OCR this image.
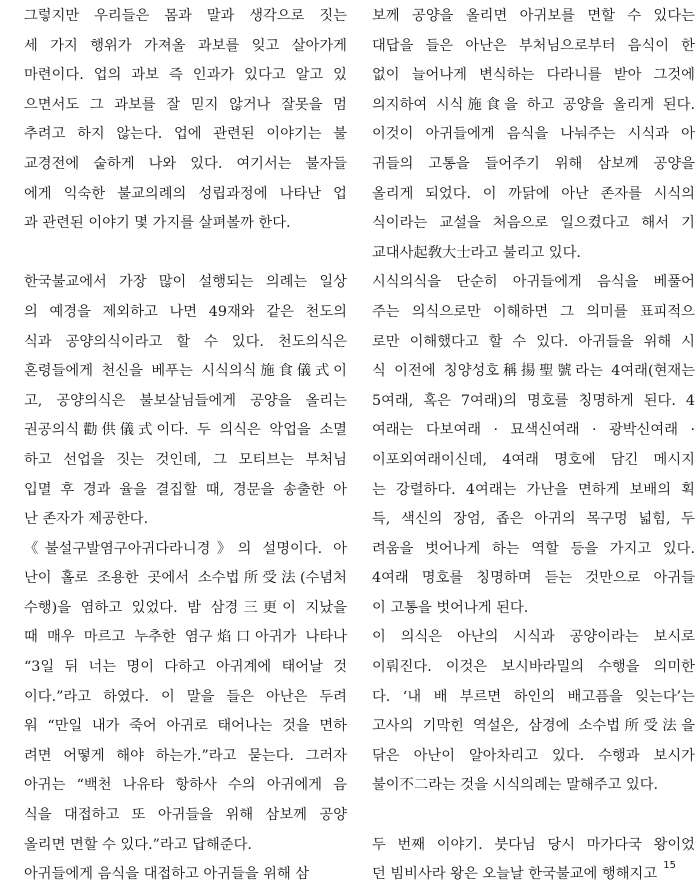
그렇지만 우리들은 몸과 말과 생각으로 짓는
세 가지 행위가 가져올 과보를 잊고 살아가게
마련이다. 업의 과보 즉 인과가 있다고 알고 있
으면서도 그 과보를 잘 믿지 않거나 잘못을 멈
추려고 하지 않는다. 업에 관련된 이야기는 불
교경전에 숱하게 나와 있다. 여기서는 불자들
에게 익숙한 불교의례의 성립과정에 나타난 업
과 관련된 이야기 몇 가지를 살펴볼까 한다.
한국불교에서 가장 많이 설행되는 의례는 일상
의 예경을 제외하고 나면 49재와 같은 천도의
식과 공양의식이라고 할 수 있다. 천도의식은
혼령들에게 천신을 베푸는 시식의식施食儀式이
고, 공양의식은 불보살님들에게 공양을 올리는
권공의식勸供儀式이다. 두 의식은 악업을 소멸
하고 선업을 짓는 것인데, 그 모티브는 부처님
입멸 후 경과 율을 결집할 때, 경문을 송출한 아
난 존자가 제공한다.
《불설구발염구아귀다라니경》의 설명이다. 아
난이 홀로 조용한 곳에서 소수법所受法(수념처
수행)을 염하고 있었다. 밤 삼경三更이 지났을
때 매우 마르고 누추한 염구焰口아귀가 나타나
“3일 뒤 너는 명이 다하고 아귀계에 태어날 것
이다.”라고 하였다. 이 말을 들은 아난은 두려
워 “만일 내가 죽어 아귀로 태어나는 것을 면하
려면 어떻게 해야 하는가.”라고 묻는다. 그러자
아귀는 “백천 나유타 항하사 수의 아귀에게 음
식을 대접하고 또 아귀들을 위해 삼보께 공양
올리면 면할 수 있다.”라고 답해준다.
아귀들에게 음식을 대접하고 아귀들을 위해 삼
보께 공양을 올리면 아귀보를 면할 수 있다는
대답을 들은 아난은 부처님으로부터 음식이 한
없이 늘어나게 변식하는 다라니를 받아 그것에
의지하여 시식施食을 하고 공양을 올리게 된다.
이것이 아귀들에게 음식을 나눠주는 시식과 아
귀들의 고통을 들어주기 위해 삼보께 공양을
올리게 되었다. 이 까닭에 아난 존자를 시식의
식이라는 교설을 처음으로 일으켰다고 해서 기
교대사起敎大士라고 불리고 있다.
시식의식을 단순히 아귀들에게 음식을 베풀어
주는 의식으로만 이해하면 그 의미를 표피적으
로만 이해했다고 할 수 있다. 아귀들을 위해 시
식 이전에 칭양성호稱揚聖號라는 4여래(현재는
5여래, 혹은 7여래)의 명호를 칭명하게 된다. 4
여래는 다보여래 · 묘색신여래 · 광박신여래 ·
이포외여래이신데, 4여래 명호에 담긴 메시지
는 강렬하다. 4여래는 가난을 면하게 보배의 획
득, 색신의 장엄, 좁은 아귀의 목구멍 넓힘, 두
려움을 벗어나게 하는 역할 등을 가지고 있다.
4여래 명호를 칭명하며 듣는 것만으로 아귀들
이 고통을 벗어나게 된다.
이 의식은 아난의 시식과 공양이라는 보시로
이뤄진다. 이것은 보시바라밀의 수행을 의미한
다. ‘내 배 부르면 하인의 배고픔을 잊는다’는
고사의 기막힌 역설은, 삼경에 소수법所受法을
닦은 아난이 알아차리고 있다. 수행과 보시가
불이不二라는 것을 시식의례는 말해주고 있다.
두 번째 이야기. 붓다님 당시 마가다국 왕이었
던 빔비사라 왕은 오늘날 한국불교에 행해지고
15
